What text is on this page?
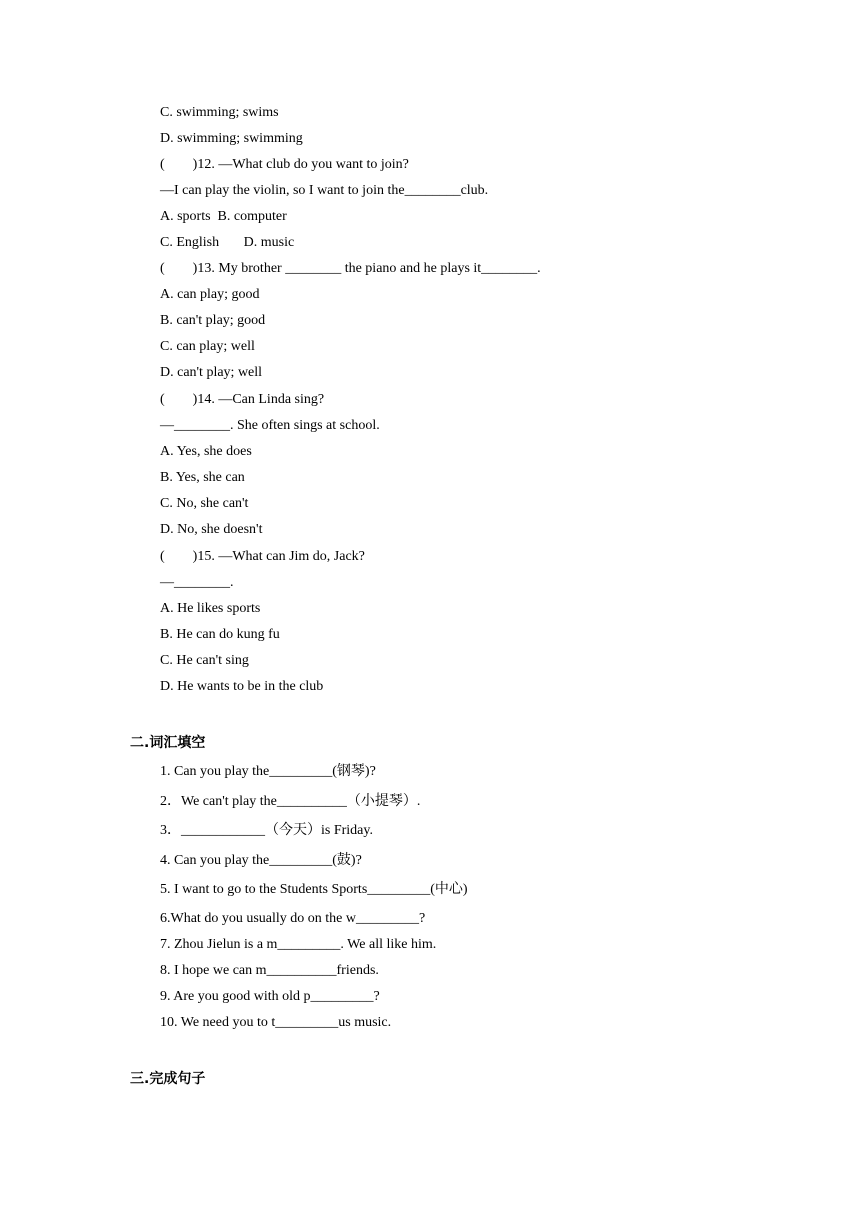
C. swimming; swims
D. swimming; swimming
(        )12. —What club do you want to join?
—I can play the violin, so I want to join the________club.
A. sports  B. computer
C. English       D. music
(        )13. My brother ________ the piano and he plays it________.
A. can play; good
B. can't play; good
C. can play; well
D. can't play; well
(        )14. —Can Linda sing?
—________. She often sings at school.
A. Yes, she does
B. Yes, she can
C. No, she can't
D. No, she doesn't
(        )15. —What can Jim do, Jack?
—________.
A. He likes sports
B. He can do kung fu
C. He can't sing
D. He wants to be in the club
二.词汇填空
1. Can you play the_________(钢琴)?
2．We can't play the__________（小提琴）.
3．____________（今天）is Friday.
4. Can you play the_________(鼓)?
5. I want to go to the Students Sports_________(中心)
6.What do you usually do on the w_________?
7. Zhou Jielun is a m_________. We all like him.
8. I hope we can m__________friends.
9. Are you good with old p_________?
10. We need you to t_________us music.
三.完成句子
